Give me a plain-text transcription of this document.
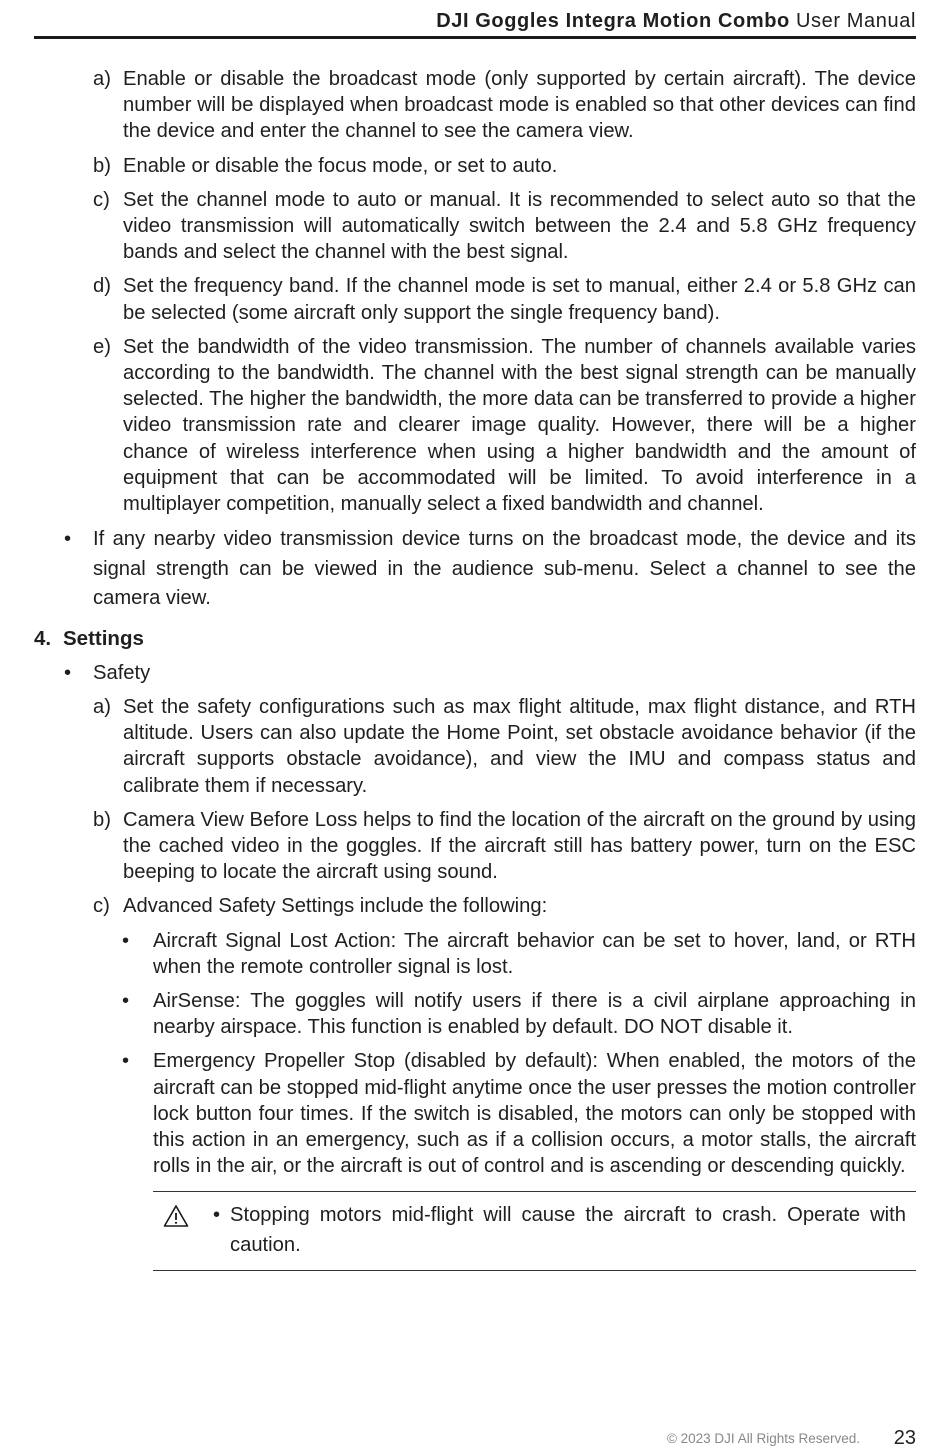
DJI Goggles Integra Motion Combo User Manual
a) Enable or disable the broadcast mode (only supported by certain aircraft). The device number will be displayed when broadcast mode is enabled so that other devices can find the device and enter the channel to see the camera view.
b) Enable or disable the focus mode, or set to auto.
c) Set the channel mode to auto or manual. It is recommended to select auto so that the video transmission will automatically switch between the 2.4 and 5.8 GHz frequency bands and select the channel with the best signal.
d) Set the frequency band. If the channel mode is set to manual, either 2.4 or 5.8 GHz can be selected (some aircraft only support the single frequency band).
e) Set the bandwidth of the video transmission. The number of channels available varies according to the bandwidth. The channel with the best signal strength can be manually selected. The higher the bandwidth, the more data can be transferred to provide a higher video transmission rate and clearer image quality. However, there will be a higher chance of wireless interference when using a higher bandwidth and the amount of equipment that can be accommodated will be limited. To avoid interference in a multiplayer competition, manually select a fixed bandwidth and channel.
• If any nearby video transmission device turns on the broadcast mode, the device and its signal strength can be viewed in the audience sub-menu. Select a channel to see the camera view.
4. Settings
• Safety
a) Set the safety configurations such as max flight altitude, max flight distance, and RTH altitude. Users can also update the Home Point, set obstacle avoidance behavior (if the aircraft supports obstacle avoidance), and view the IMU and compass status and calibrate them if necessary.
b) Camera View Before Loss helps to find the location of the aircraft on the ground by using the cached video in the goggles. If the aircraft still has battery power, turn on the ESC beeping to locate the aircraft using sound.
c) Advanced Safety Settings include the following:
• Aircraft Signal Lost Action: The aircraft behavior can be set to hover, land, or RTH when the remote controller signal is lost.
• AirSense: The goggles will notify users if there is a civil airplane approaching in nearby airspace. This function is enabled by default. DO NOT disable it.
• Emergency Propeller Stop (disabled by default): When enabled, the motors of the aircraft can be stopped mid-flight anytime once the user presses the motion controller lock button four times. If the switch is disabled, the motors can only be stopped with this action in an emergency, such as if a collision occurs, a motor stalls, the aircraft rolls in the air, or the aircraft is out of control and is ascending or descending quickly.
• Stopping motors mid-flight will cause the aircraft to crash. Operate with caution.
© 2023 DJI All Rights Reserved. 23
